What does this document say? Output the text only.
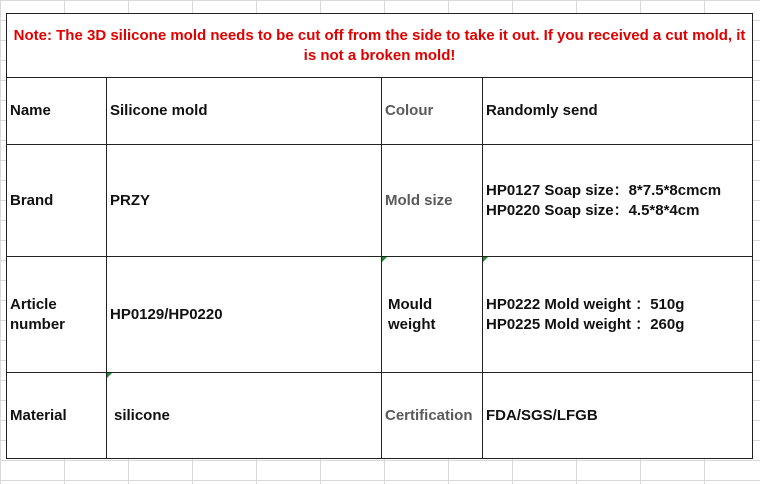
Note: The 3D silicone mold needs to be cut off from the side to take it out. If you received a cut mold, it is not a broken mold!			
Name	Silicone mold	Colour	Randomly send

Brand	PRZY	Mold size	HP0127 Soap size：8*7.5*8cmcm
HP0220 Soap size：4.5*8*4cm

Article number	HP0129/HP0220	Mould weight	HP0222 Mold weight ：510g
HP0225 Mold weight ：260g

Material	silicone	Certification	FDA/SGS/LFGB
